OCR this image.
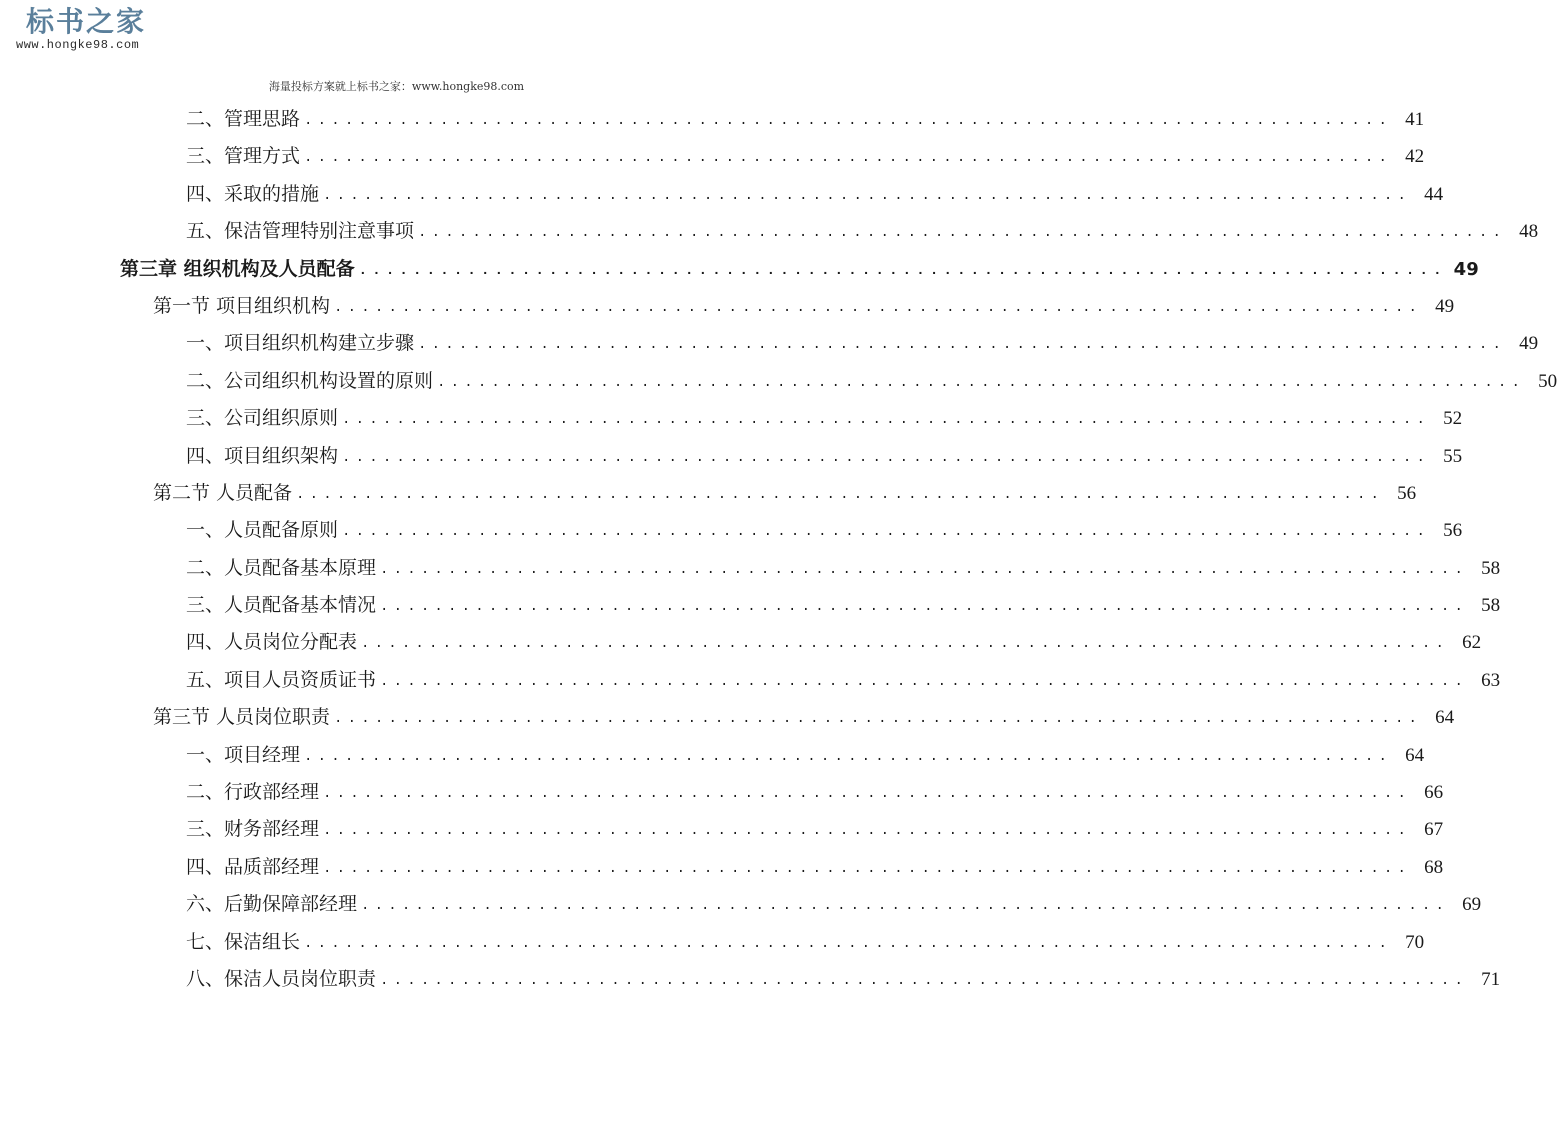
标书之家
www.hongke98.com
海量投标方案就上标书之家：www.hongke98.com
二、管理思路 ................................................................................ 41
三、管理方式 ................................................................................ 42
四、采取的措施 ................................................................................ 44
五、保洁管理特别注意事项 ................................................................................ 48
第三章 组织机构及人员配备 ................................................................................ 49
第一节 项目组织机构 ................................................................................ 49
一、项目组织机构建立步骤 ................................................................................ 49
二、公司组织机构设置的原则 ................................................................................ 50
三、公司组织原则 ................................................................................ 52
四、项目组织架构 ................................................................................ 55
第二节 人员配备 ................................................................................ 56
一、人员配备原则 ................................................................................ 56
二、人员配备基本原理 ................................................................................ 58
三、人员配备基本情况 ................................................................................ 58
四、人员岗位分配表 ................................................................................ 62
五、项目人员资质证书 ................................................................................ 63
第三节 人员岗位职责 ................................................................................ 64
一、项目经理 ................................................................................ 64
二、行政部经理 ................................................................................ 66
三、财务部经理 ................................................................................ 67
四、品质部经理 ................................................................................ 68
六、后勤保障部经理 ................................................................................ 69
七、保洁组长 ................................................................................ 70
八、保洁人员岗位职责 ................................................................................ 71
